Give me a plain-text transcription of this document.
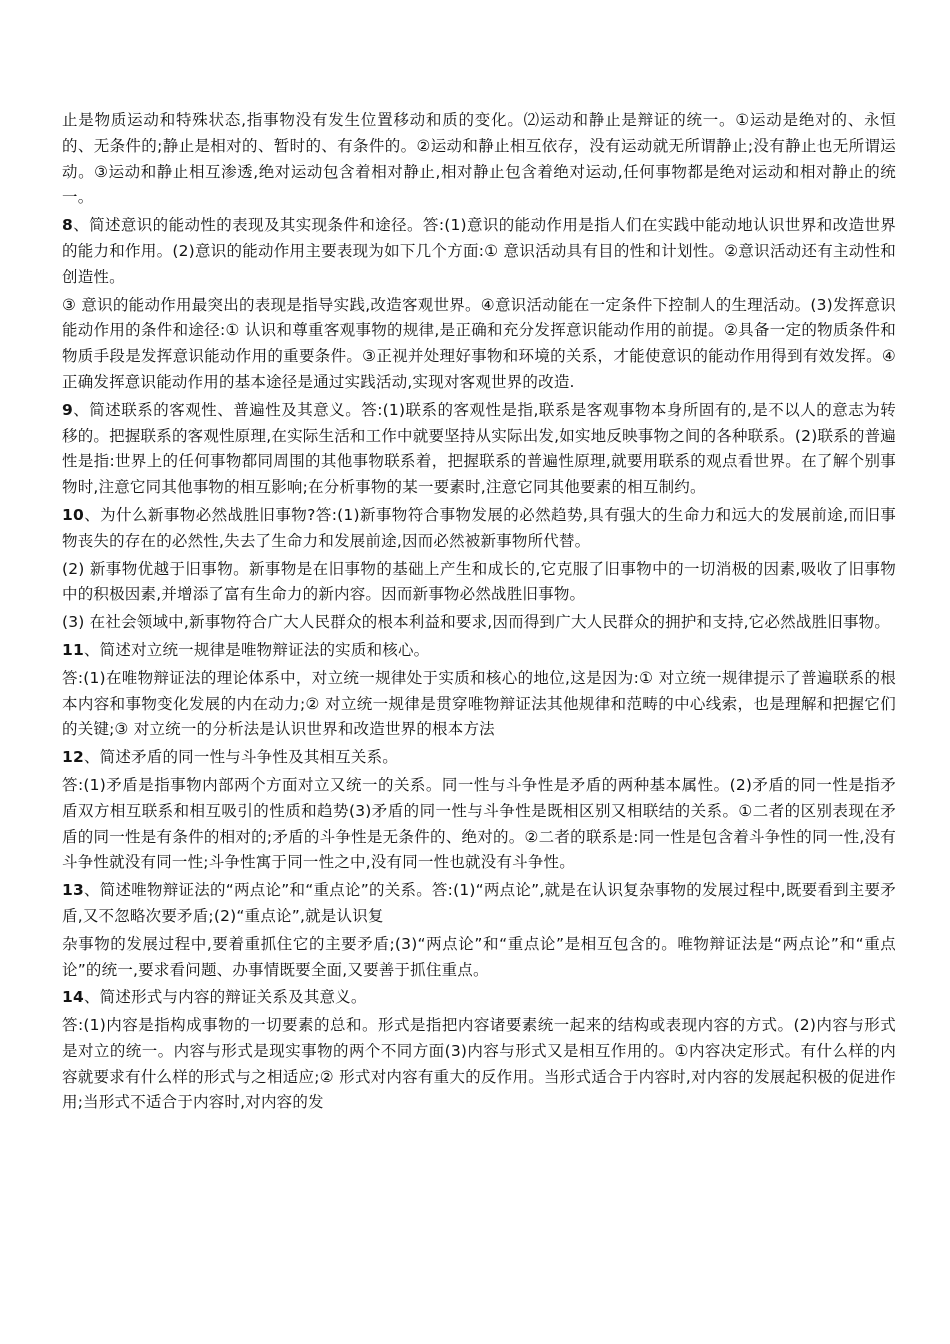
止是物质运动和特殊状态,指事物没有发生位置移动和质的变化。⑵运动和静止是辩证的统一。①运动是绝对的、永恒的、无条件的;静止是相对的、暂时的、有条件的。②运动和静止相互依存，没有运动就无所谓静止;没有静止也无所谓运动。③运动和静止相互渗透,绝对运动包含着相对静止,相对静止包含着绝对运动,任何事物都是绝对运动和相对静止的统一。

8、简述意识的能动性的表现及其实现条件和途径。答:(1)意识的能动作用是指人们在实践中能动地认识世界和改造世界的能力和作用。(2)意识的能动作用主要表现为如下几个方面:① 意识活动具有目的性和计划性。②意识活动还有主动性和创造性。

③ 意识的能动作用最突出的表现是指导实践,改造客观世界。④意识活动能在一定条件下控制人的生理活动。(3)发挥意识能动作用的条件和途径:① 认识和尊重客观事物的规律,是正确和充分发挥意识能动作用的前提。②具备一定的物质条件和物质手段是发挥意识能动作用的重要条件。③正视并处理好事物和环境的关系，才能使意识的能动作用得到有效发挥。④正确发挥意识能动作用的基本途径是通过实践活动,实现对客观世界的改造.

9、简述联系的客观性、普遍性及其意义。答:(1)联系的客观性是指,联系是客观事物本身所固有的,是不以人的意志为转移的。把握联系的客观性原理,在实际生活和工作中就要坚持从实际出发,如实地反映事物之间的各种联系。(2)联系的普遍性是指:世界上的任何事物都同周围的其他事物联系着，把握联系的普遍性原理,就要用联系的观点看世界。在了解个别事物时,注意它同其他事物的相互影响;在分析事物的某一要素时,注意它同其他要素的相互制约。

10、为什么新事物必然战胜旧事物?答:(1)新事物符合事物发展的必然趋势,具有强大的生命力和远大的发展前途,而旧事物丧失的存在的必然性,失去了生命力和发展前途,因而必然被新事物所代替。

(2) 新事物优越于旧事物。新事物是在旧事物的基础上产生和成长的,它克服了旧事物中的一切消极的因素,吸收了旧事物中的积极因素,并增添了富有生命力的新内容。因而新事物必然战胜旧事物。

(3) 在社会领域中,新事物符合广大人民群众的根本利益和要求,因而得到广大人民群众的拥护和支持,它必然战胜旧事物。

11、简述对立统一规律是唯物辩证法的实质和核心。

答:(1)在唯物辩证法的理论体系中，对立统一规律处于实质和核心的地位,这是因为:① 对立统一规律提示了普遍联系的根本内容和事物变化发展的内在动力;② 对立统一规律是贯穿唯物辩证法其他规律和范畴的中心线索，也是理解和把握它们的关键;③ 对立统一的分析法是认识世界和改造世界的根本方法

12、简述矛盾的同一性与斗争性及其相互关系。

答:(1)矛盾是指事物内部两个方面对立又统一的关系。同一性与斗争性是矛盾的两种基本属性。(2)矛盾的同一性是指矛盾双方相互联系和相互吸引的性质和趋势(3)矛盾的同一性与斗争性是既相区别又相联结的关系。①二者的区别表现在矛盾的同一性是有条件的相对的;矛盾的斗争性是无条件的、绝对的。②二者的联系是:同一性是包含着斗争性的同一性,没有斗争性就没有同一性;斗争性寓于同一性之中,没有同一性也就没有斗争性。

13、简述唯物辩证法的“两点论”和“重点论”的关系。答:(1)“两点论”,就是在认识复杂事物的发展过程中,既要看到主要矛盾,又不忽略次要矛盾;(2)“重点论”,就是认识复

杂事物的发展过程中,要着重抓住它的主要矛盾;(3)“两点论”和“重点论”是相互包含的。唯物辩证法是“两点论”和“重点论”的统一,要求看问题、办事情既要全面,又要善于抓住重点。

14、简述形式与内容的辩证关系及其意义。

答:(1)内容是指构成事物的一切要素的总和。形式是指把内容诸要素统一起来的结构或表现内容的方式。(2)内容与形式是对立的统一。内容与形式是现实事物的两个不同方面(3)内容与形式又是相互作用的。①内容决定形式。有什么样的内容就要求有什么样的形式与之相适应;② 形式对内容有重大的反作用。当形式适合于内容时,对内容的发展起积极的促进作用;当形式不适合于内容时,对内容的发
